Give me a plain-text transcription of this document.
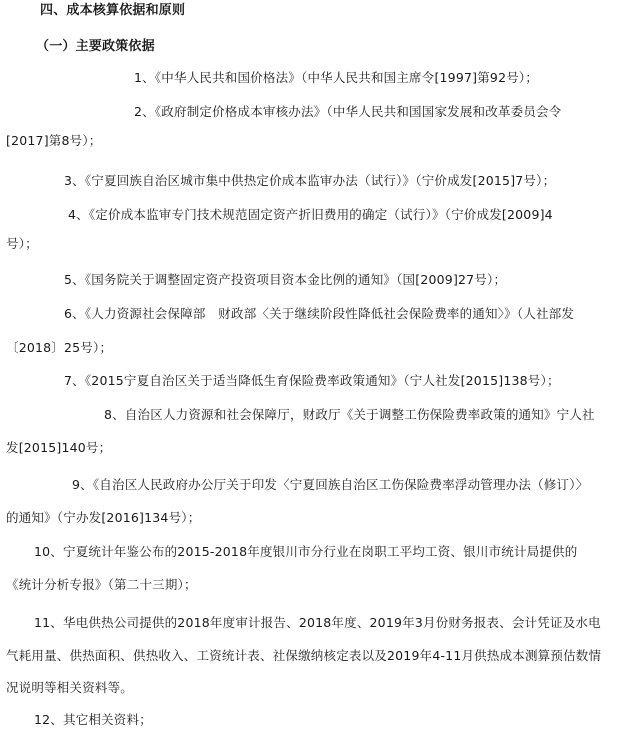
四、成本核算依据和原则
（一）主要政策依据
1、《中华人民共和国价格法》（中华人民共和国主席令[1997]第92号）；
2、《政府制定价格成本审核办法》（中华人民共和国国家发展和改革委员会令
[2017]第8号）；
3、《宁夏回族自治区城市集中供热定价成本监审办法（试行）》（宁价成发[2015]7号）；
4、《定价成本监审专门技术规范固定资产折旧费用的确定（试行）》（宁价成发[2009]4
号）；
5、《国务院关于调整固定资产投资项目资本金比例的通知》（国[2009]27号）；
6、《人力资源社会保障部　财政部〈关于继续阶段性降低社会保险费率的通知〉》（人社部发
〔2018〕25号）；
7、《2015宁夏自治区关于适当降低生育保险费率政策通知》（宁人社发[2015]138号）；
8、自治区人力资源和社会保障厅，财政厅《关于调整工伤保险费率政策的通知》宁人社
发[2015]140号；
9、《自治区人民政府办公厅关于印发〈宁夏回族自治区工伤保险费率浮动管理办法（修订）〉
的通知》（宁办发[2016]134号）；
10、宁夏统计年鉴公布的2015-2018年度银川市分行业在岗职工平均工资、银川市统计局提供的
《统计分析专报》（第二十三期）；
11、华电供热公司提供的2018年度审计报告、2018年度、2019年3月份财务报表、会计凭证及水电
气耗用量、供热面积、供热收入、工资统计表、社保缴纳核定表以及2019年4-11月供热成本测算预估数情
况说明等相关资料等。
12、其它相关资料；
